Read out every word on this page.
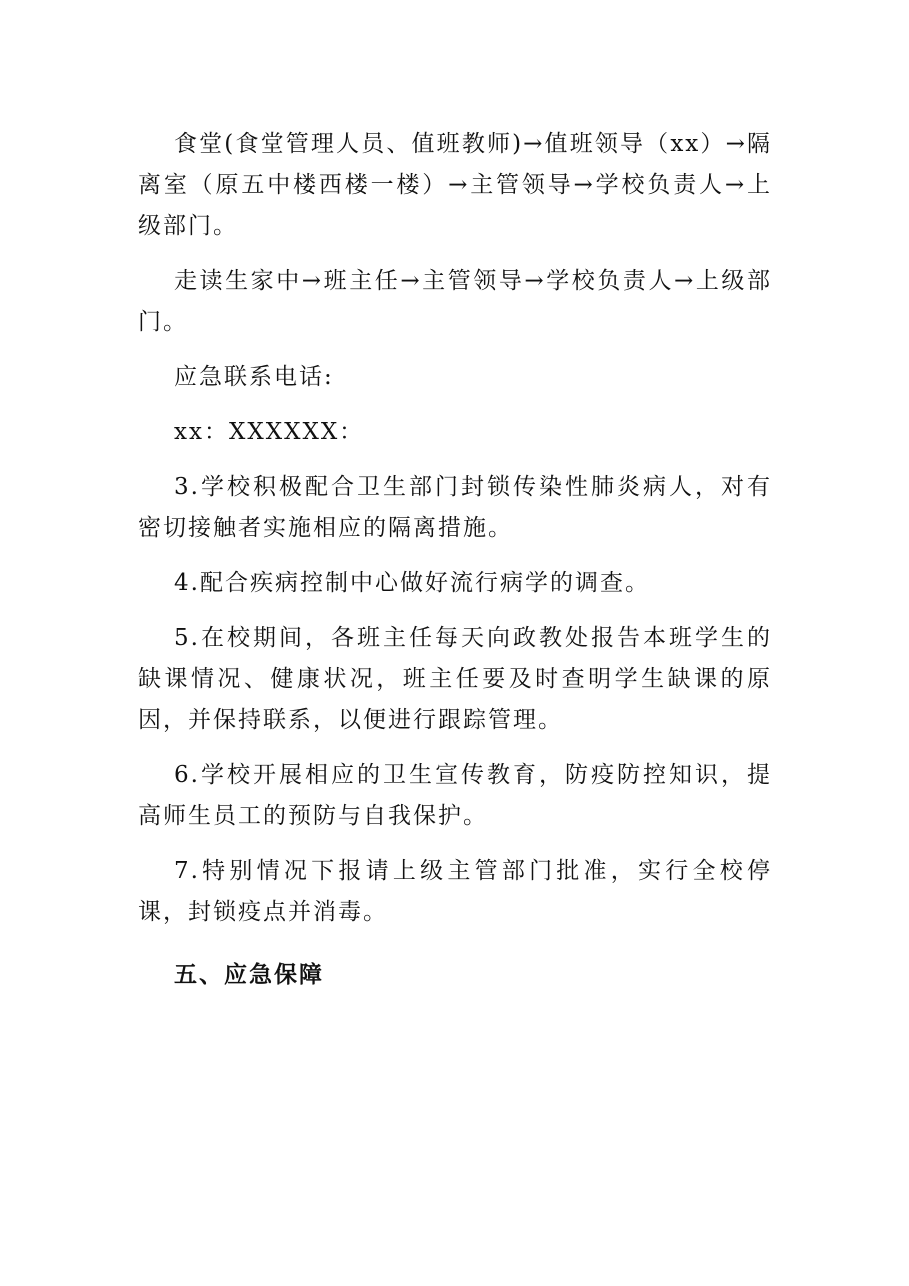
食堂(食堂管理人员、值班教师)→值班领导（xx）→隔离室（原五中楼西楼一楼）→主管领导→学校负责人→上级部门。

走读生家中→班主任→主管领导→学校负责人→上级部门。

应急联系电话:

xx：XXXXXX：

3.学校积极配合卫生部门封锁传染性肺炎病人，对有密切接触者实施相应的隔离措施。

4.配合疾病控制中心做好流行病学的调查。

5.在校期间，各班主任每天向政教处报告本班学生的缺课情况、健康状况，班主任要及时查明学生缺课的原因，并保持联系，以便进行跟踪管理。

6.学校开展相应的卫生宣传教育，防疫防控知识，提高师生员工的预防与自我保护。

7.特别情况下报请上级主管部门批准，实行全校停课，封锁疫点并消毒。

五、应急保障
